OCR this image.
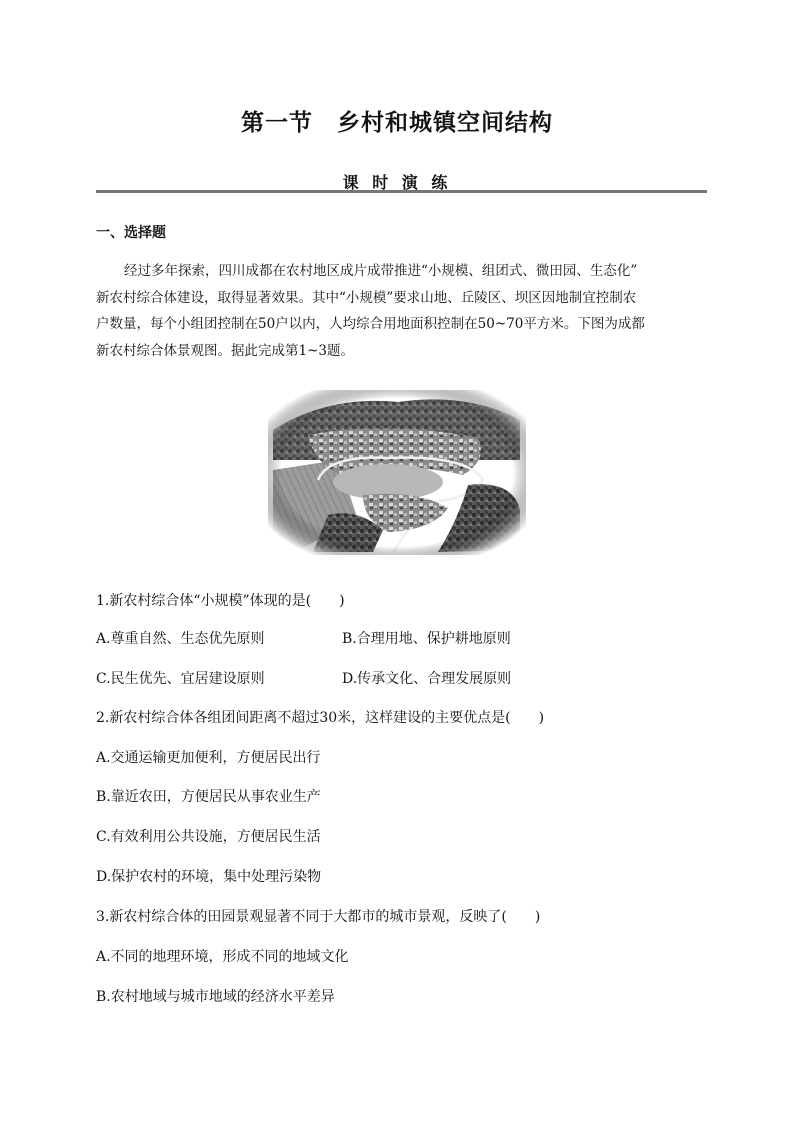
第一节　乡村和城镇空间结构
课 时 演 练
一、选择题

经过多年探索，四川成都在农村地区成片成带推进“小规模、组团式、微田园、生态化”
新农村综合体建设，取得显著效果。其中“小规模”要求山地、丘陵区、坝区因地制宜控制农
户数量，每个小组团控制在50户以内，人均综合用地面积控制在50~70平方米。下图为成都
新农村综合体景观图。据此完成第1~3题。

1.新农村综合体“小规模”体现的是(　　)

A.尊重自然、生态优先原则	B.合理用地、保护耕地原则

C.民生优先、宜居建设原则	D.传承文化、合理发展原则

2.新农村综合体各组团间距离不超过30米，这样建设的主要优点是(　　)

A.交通运输更加便利，方便居民出行

B.靠近农田，方便居民从事农业生产

C.有效利用公共设施，方便居民生活

D.保护农村的环境，集中处理污染物

3.新农村综合体的田园景观显著不同于大都市的城市景观，反映了(　　)

A.不同的地理环境，形成不同的地域文化

B.农村地域与城市地域的经济水平差异
